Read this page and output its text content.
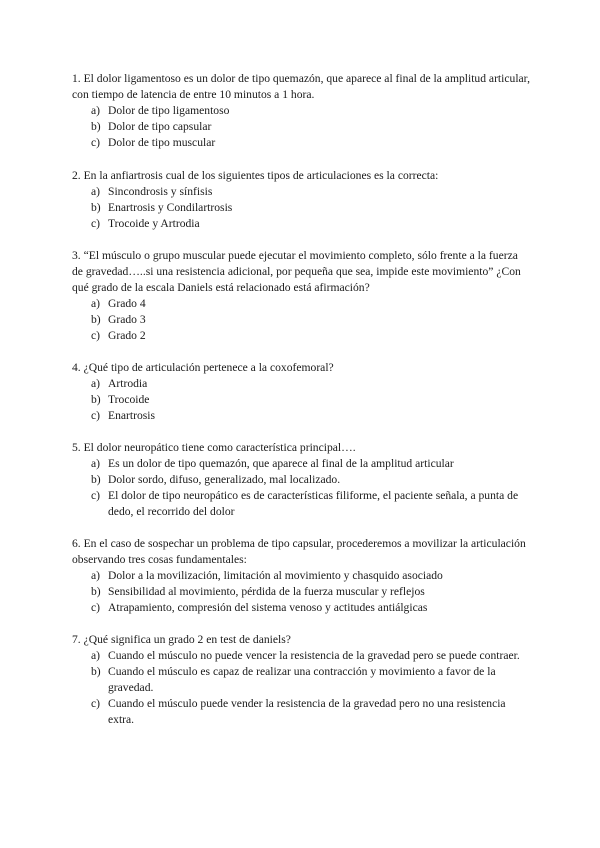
1. El dolor ligamentoso es un dolor de tipo quemazón, que aparece al final de la amplitud articular, con tiempo de latencia de entre 10 minutos a 1 hora.

a) Dolor de tipo ligamentoso
b) Dolor de tipo capsular
c) Dolor de tipo muscular

2. En la anfiartrosis cual de los siguientes tipos de articulaciones es la correcta:

a) Sincondrosis y sínfisis
b) Enartrosis y Condilartrosis
c) Trocoide y Artrodia

3. “El músculo o grupo muscular puede ejecutar el movimiento completo, sólo frente a la fuerza de gravedad…..si una resistencia adicional, por pequeña que sea, impide este movimiento” ¿Con qué grado de la escala Daniels está relacionado está afirmación?

a) Grado 4
b) Grado 3
c) Grado 2

4. ¿Qué tipo de articulación pertenece a la coxofemoral?

a) Artrodia
b) Trocoide
c) Enartrosis

5. El dolor neuropático tiene como característica principal….

a) Es un dolor de tipo quemazón, que aparece al final de la amplitud articular
b) Dolor sordo, difuso, generalizado, mal localizado.
c) El dolor de tipo neuropático es de características filiforme, el paciente señala, a punta de dedo, el recorrido del dolor

6. En el caso de sospechar un problema de tipo capsular, procederemos a movilizar la articulación observando tres cosas fundamentales:

a) Dolor a la movilización, limitación al movimiento y chasquido asociado
b) Sensibilidad al movimiento, pérdida de la fuerza muscular y reflejos
c) Atrapamiento, compresión del sistema venoso y actitudes antiálgicas

7. ¿Qué significa un grado 2 en test de daniels?

a) Cuando el músculo no puede vencer la resistencia de la gravedad pero se puede contraer.
b) Cuando el músculo es capaz de realizar una contracción y movimiento a favor de la gravedad.
c) Cuando el músculo puede vender la resistencia de la gravedad pero no una resistencia extra.
